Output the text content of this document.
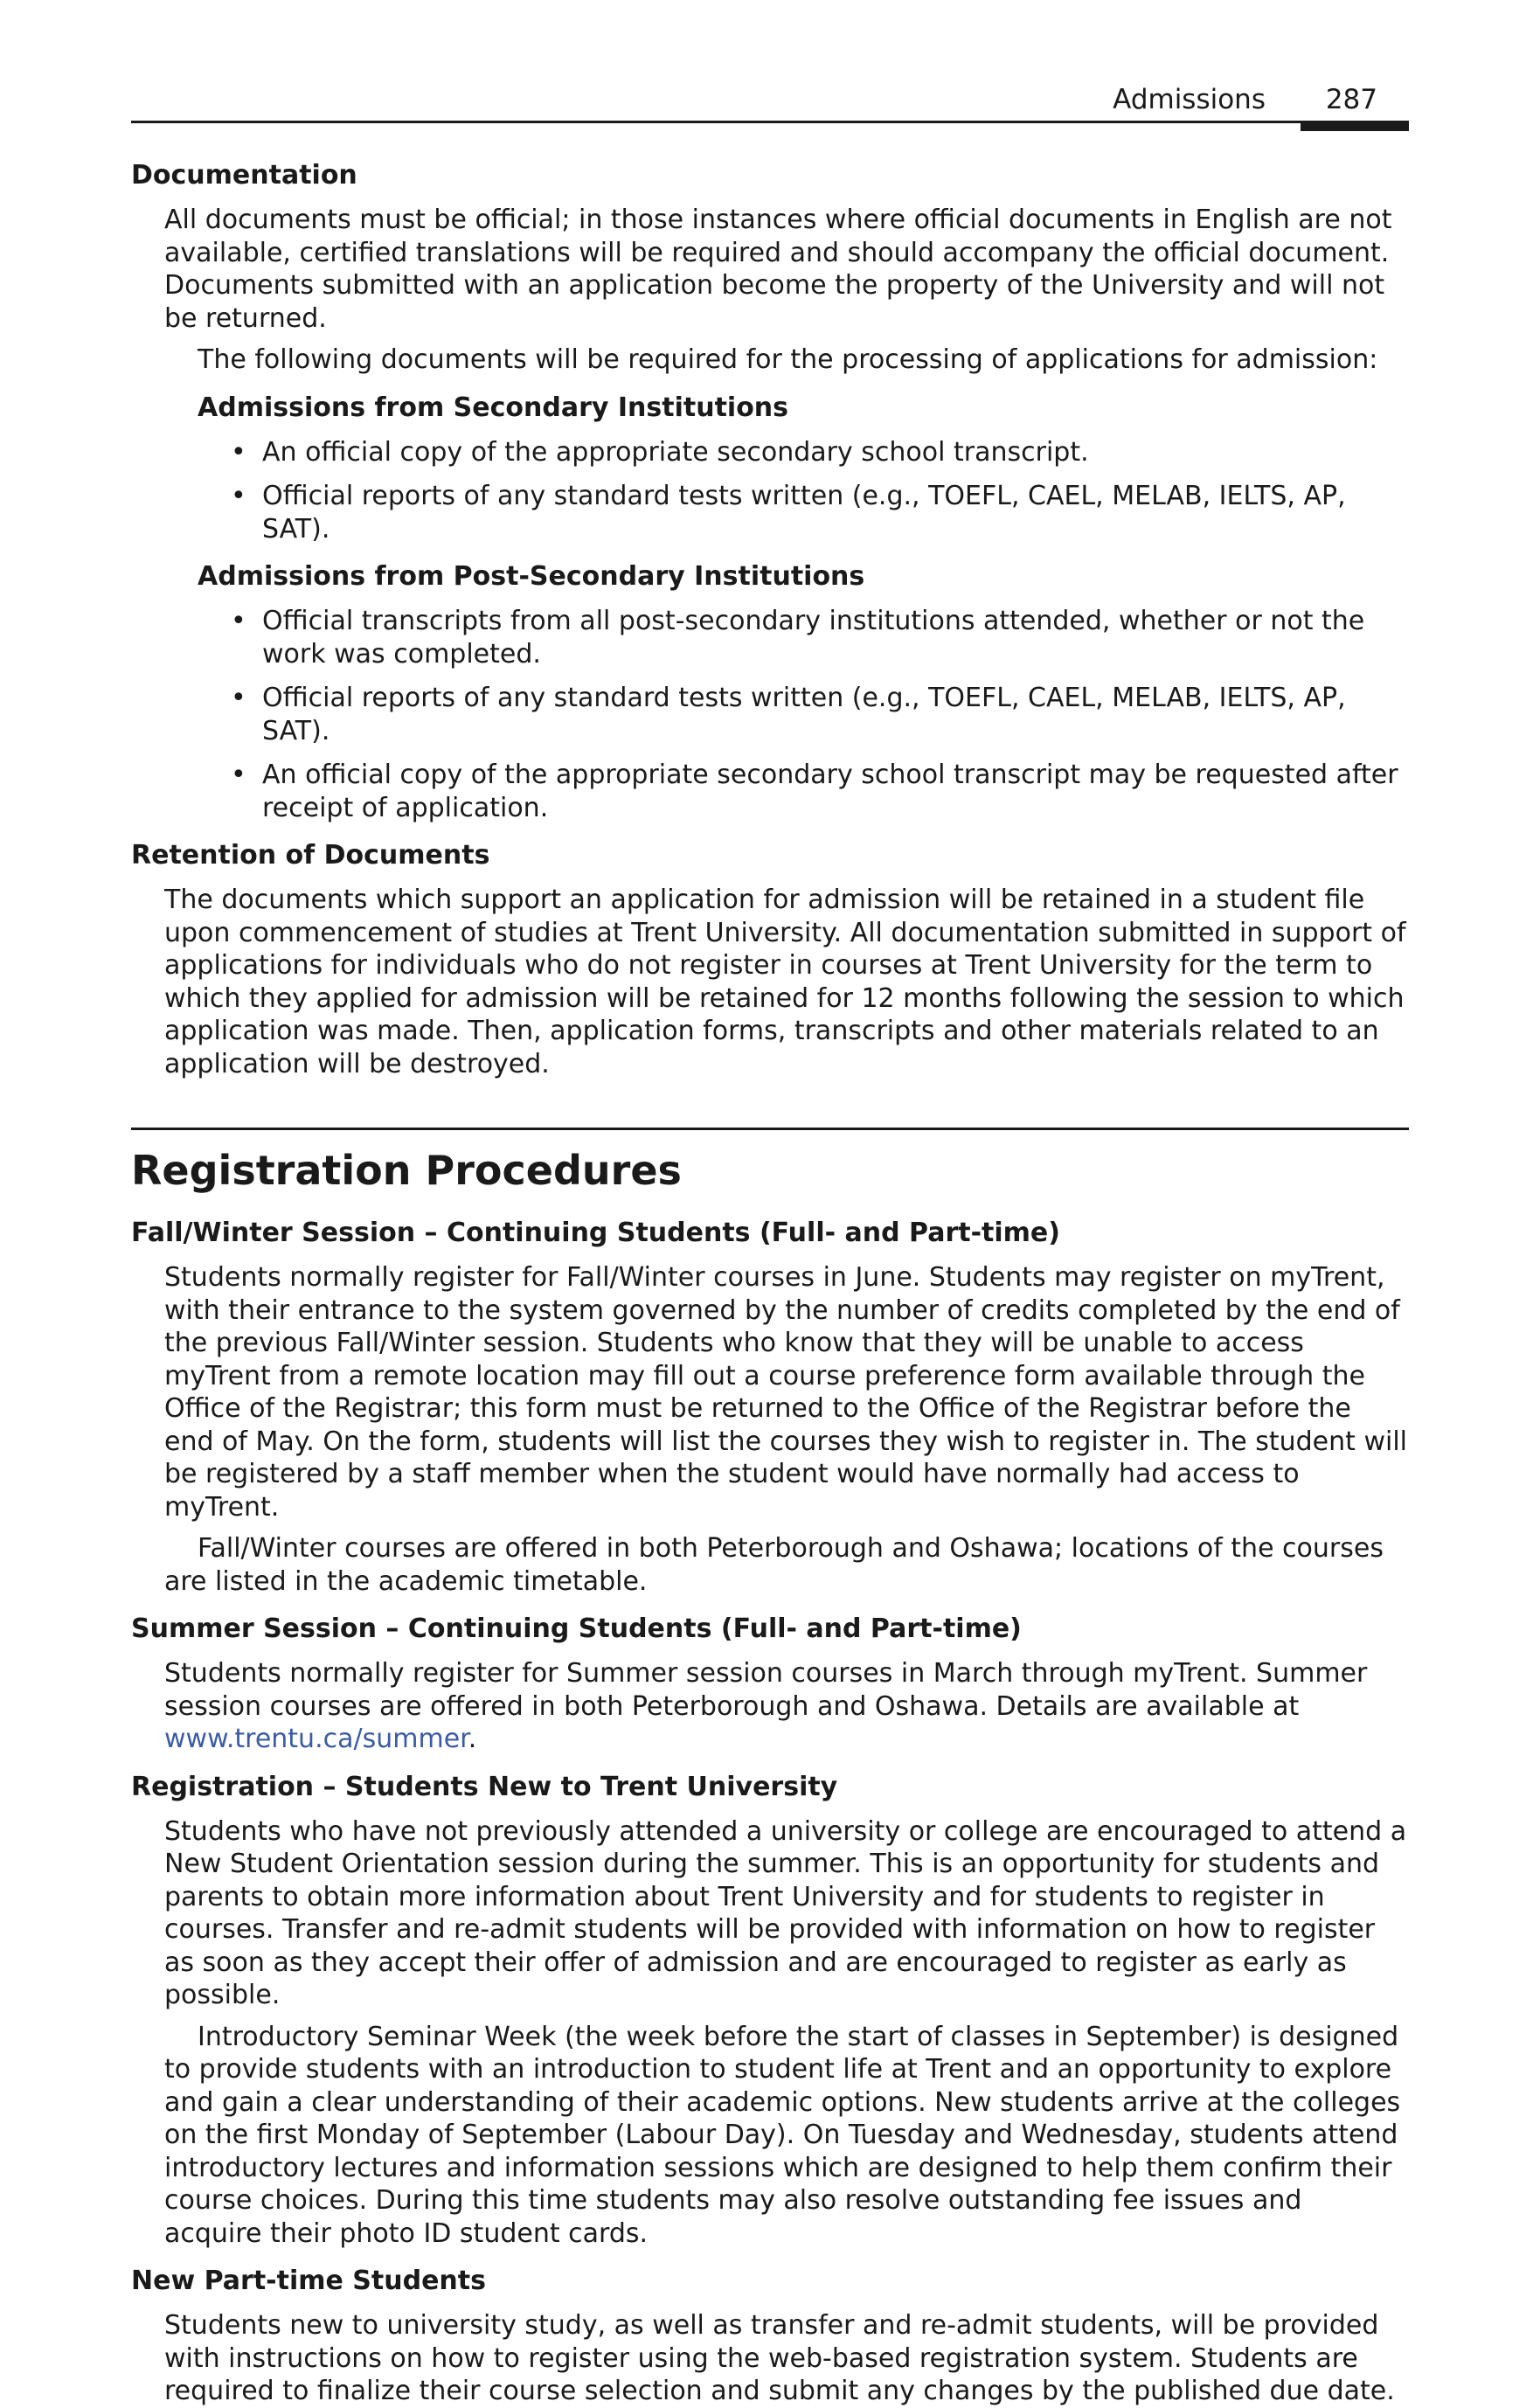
Admissions 287

Documentation

All documents must be official; in those instances where official documents in English are not available, certified translations will be required and should accompany the official document. Documents submitted with an application become the property of the University and will not be returned.

The following documents will be required for the processing of applications for admission:

Admissions from Secondary Institutions

• An official copy of the appropriate secondary school transcript.
• Official reports of any standard tests written (e.g., TOEFL, CAEL, MELAB, IELTS, AP, SAT).

Admissions from Post-Secondary Institutions

• Official transcripts from all post-secondary institutions attended, whether or not the work was completed.
• Official reports of any standard tests written (e.g., TOEFL, CAEL, MELAB, IELTS, AP, SAT).
• An official copy of the appropriate secondary school transcript may be requested after receipt of application.

Retention of Documents

The documents which support an application for admission will be retained in a student file upon commencement of studies at Trent University. All documentation submitted in support of applications for individuals who do not register in courses at Trent University for the term to which they applied for admission will be retained for 12 months following the session to which application was made. Then, application forms, transcripts and other materials related to an application will be destroyed.

Registration Procedures

Fall/Winter Session – Continuing Students (Full- and Part-time)

Students normally register for Fall/Winter courses in June. Students may register on myTrent, with their entrance to the system governed by the number of credits completed by the end of the previous Fall/Winter session. Students who know that they will be unable to access myTrent from a remote location may fill out a course preference form available through the Office of the Registrar; this form must be returned to the Office of the Registrar before the end of May. On the form, students will list the courses they wish to register in. The student will be registered by a staff member when the student would have normally had access to myTrent.

Fall/Winter courses are offered in both Peterborough and Oshawa; locations of the courses are listed in the academic timetable.

Summer Session – Continuing Students (Full- and Part-time)

Students normally register for Summer session courses in March through myTrent. Summer session courses are offered in both Peterborough and Oshawa. Details are available at www.trentu.ca/summer.

Registration – Students New to Trent University

Students who have not previously attended a university or college are encouraged to attend a New Student Orientation session during the summer. This is an opportunity for students and parents to obtain more information about Trent University and for students to register in courses. Transfer and re-admit students will be provided with information on how to register as soon as they accept their offer of admission and are encouraged to register as early as possible.

Introductory Seminar Week (the week before the start of classes in September) is designed to provide students with an introduction to student life at Trent and an opportunity to explore and gain a clear understanding of their academic options. New students arrive at the colleges on the first Monday of September (Labour Day). On Tuesday and Wednesday, students attend introductory lectures and information sessions which are designed to help them confirm their course choices. During this time students may also resolve outstanding fee issues and acquire their photo ID student cards.

New Part-time Students

Students new to university study, as well as transfer and re-admit students, will be provided with instructions on how to register using the web-based registration system. Students are required to finalize their course selection and submit any changes by the published due date.
